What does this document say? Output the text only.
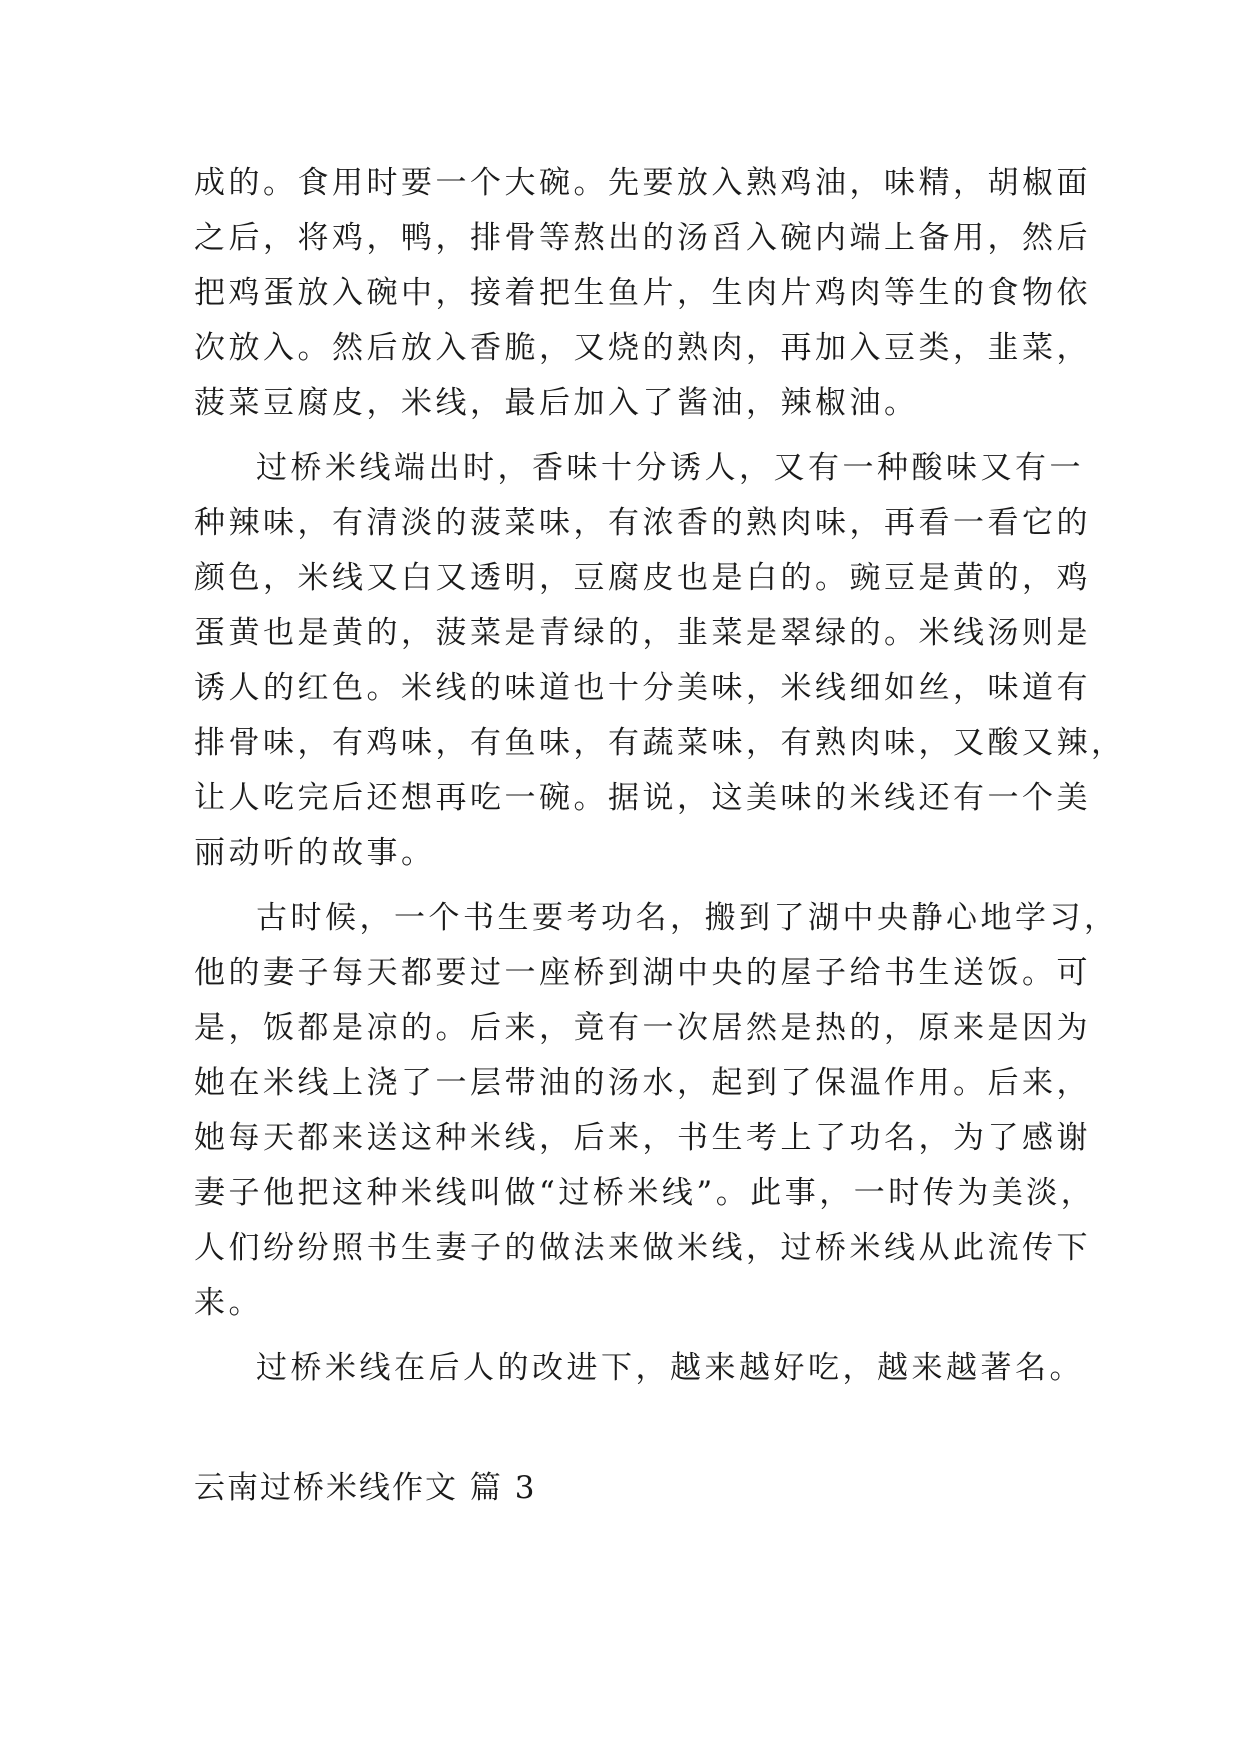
成的。食用时要一个大碗。先要放入熟鸡油，味精，胡椒面
之后，将鸡，鸭，排骨等熬出的汤舀入碗内端上备用，然后
把鸡蛋放入碗中，接着把生鱼片，生肉片鸡肉等生的食物依
次放入。然后放入香脆，又烧的熟肉，再加入豆类，韭菜，
菠菜豆腐皮，米线，最后加入了酱油，辣椒油。
过桥米线端出时，香味十分诱人，又有一种酸味又有一
种辣味，有清淡的菠菜味，有浓香的熟肉味，再看一看它的
颜色，米线又白又透明，豆腐皮也是白的。豌豆是黄的，鸡
蛋黄也是黄的，菠菜是青绿的，韭菜是翠绿的。米线汤则是
诱人的红色。米线的味道也十分美味，米线细如丝，味道有
排骨味，有鸡味，有鱼味，有蔬菜味，有熟肉味，又酸又辣，
让人吃完后还想再吃一碗。据说，这美味的米线还有一个美
丽动听的故事。
古时候，一个书生要考功名，搬到了湖中央静心地学习，
他的妻子每天都要过一座桥到湖中央的屋子给书生送饭。可
是，饭都是凉的。后来，竟有一次居然是热的，原来是因为
她在米线上浇了一层带油的汤水，起到了保温作用。后来，
她每天都来送这种米线，后来，书生考上了功名，为了感谢
妻子他把这种米线叫做“过桥米线”。此事，一时传为美淡，
人们纷纷照书生妻子的做法来做米线，过桥米线从此流传下
来。
过桥米线在后人的改进下，越来越好吃，越来越著名。
云南过桥米线作文 篇 3
